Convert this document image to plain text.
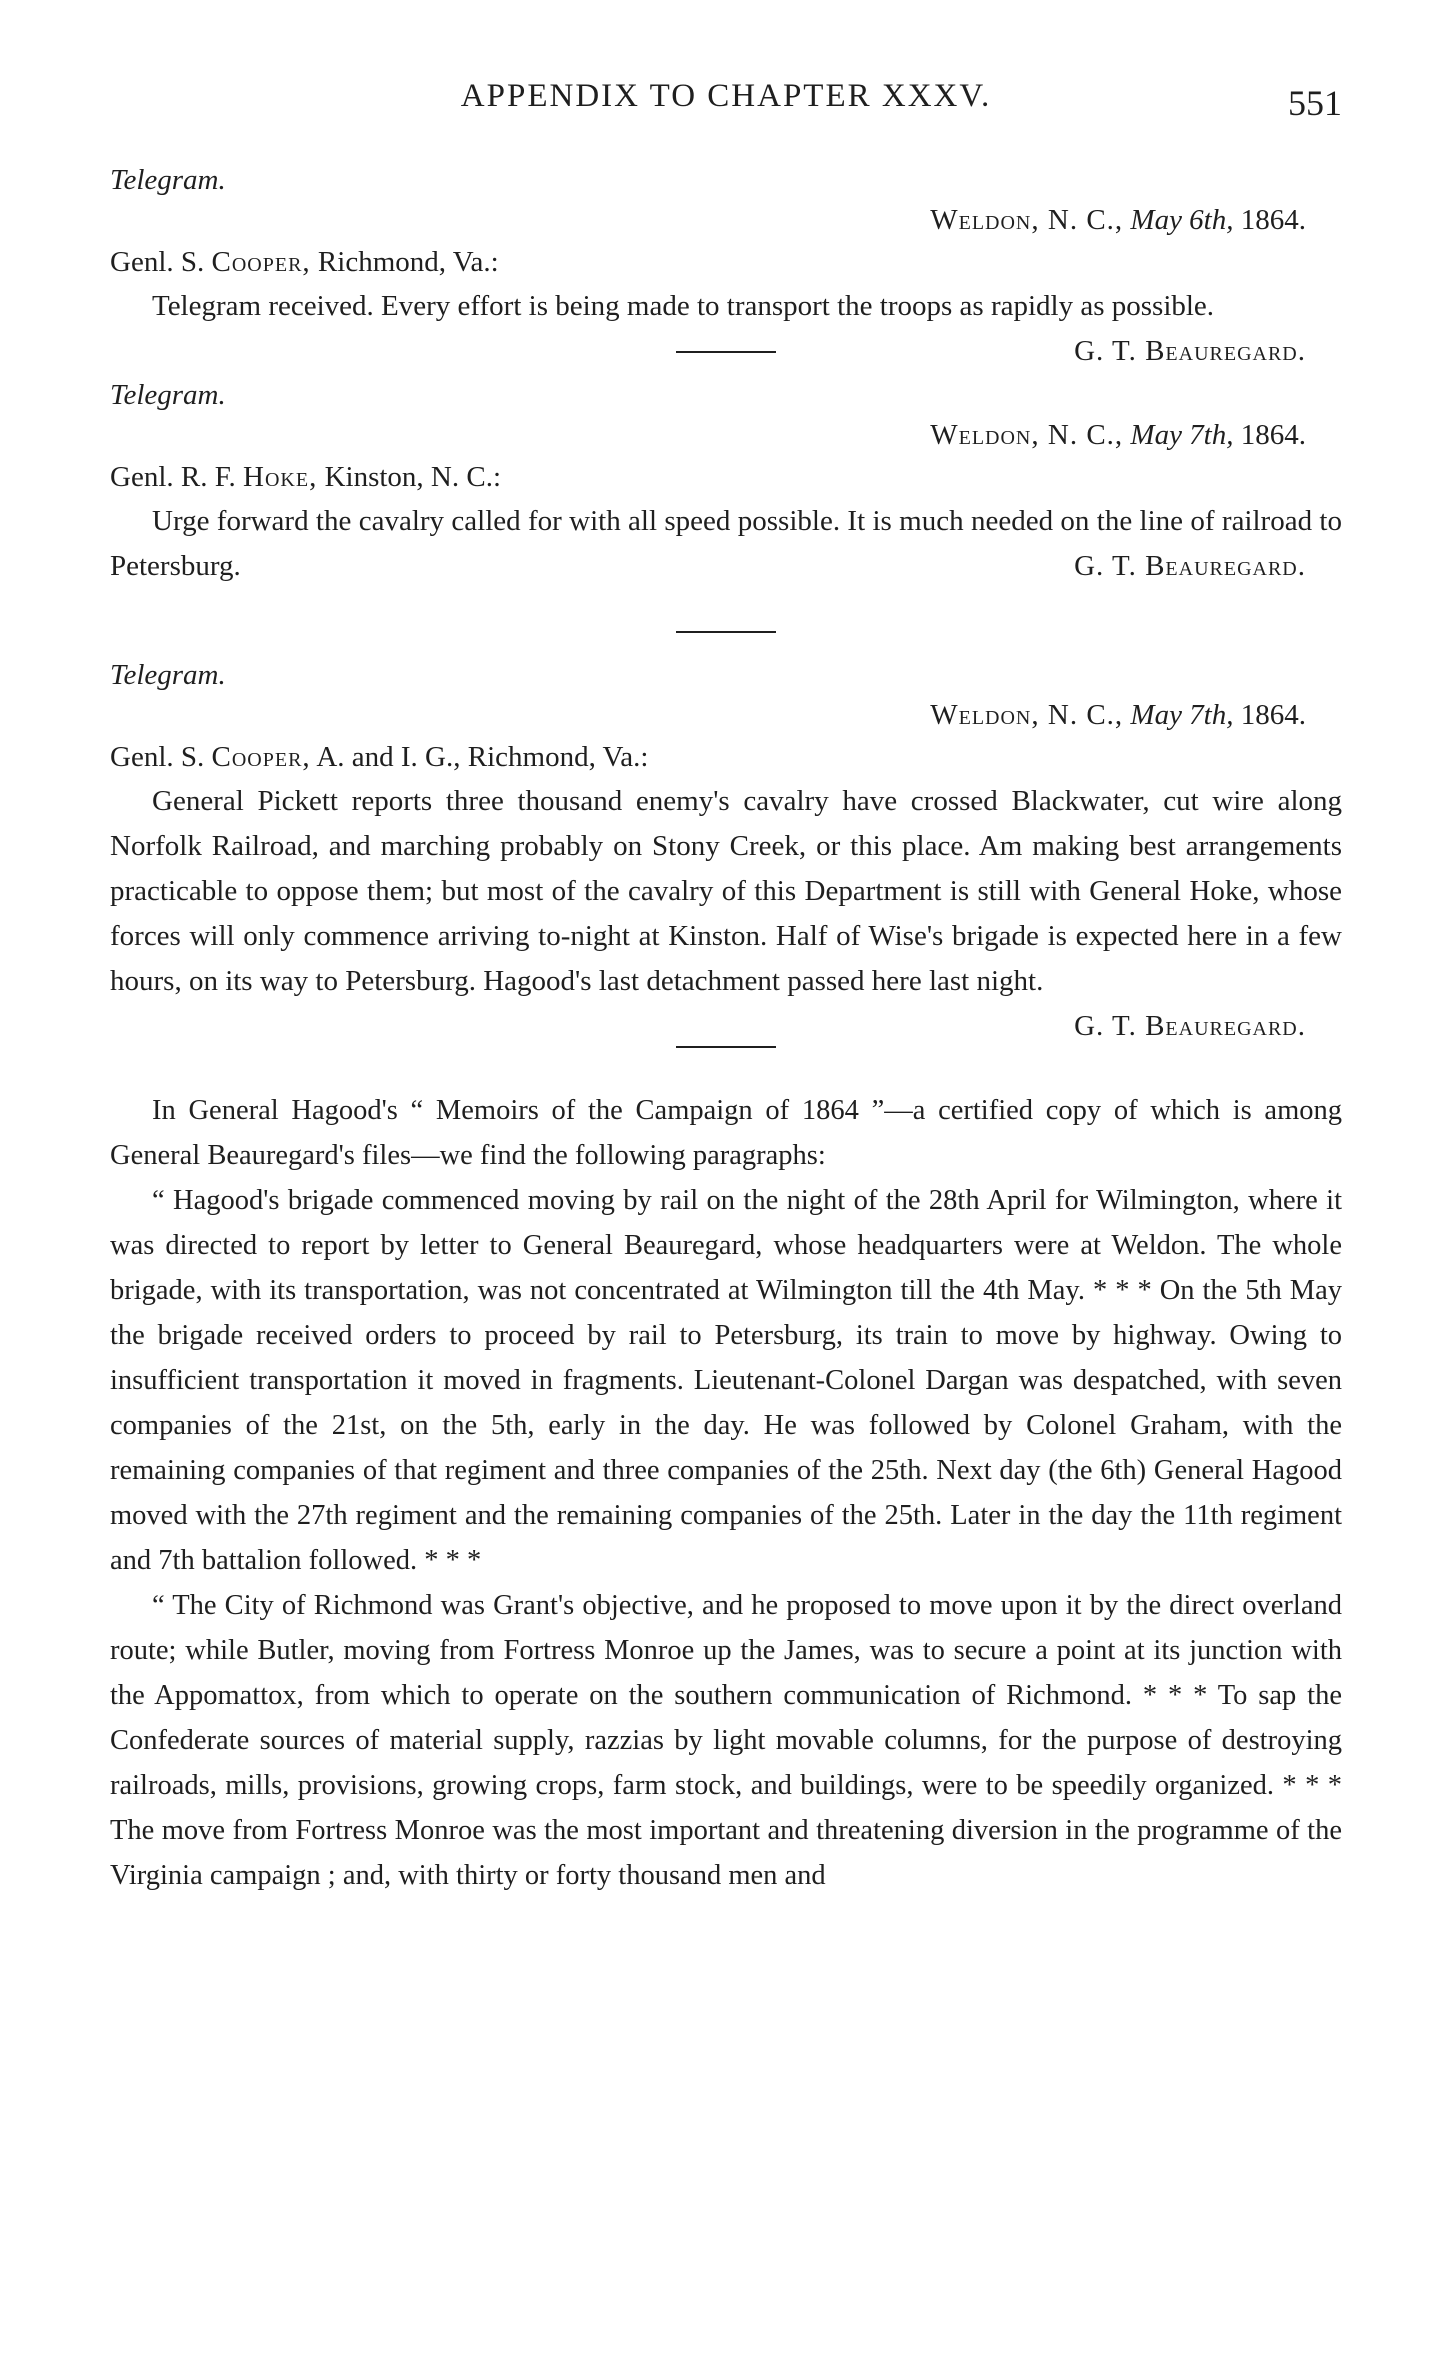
APPENDIX TO CHAPTER XXXV.	551
Telegram.
Weldon, N. C., May 6th, 1864.
Genl. S. Cooper, Richmond, Va.:
Telegram received. Every effort is being made to transport the troops as rapidly as possible.
G. T. Beauregard.
Telegram.
Weldon, N. C., May 7th, 1864.
Genl. R. F. Hoke, Kinston, N. C.:
Urge forward the cavalry called for with all speed possible. It is much needed on the line of railroad to Petersburg.	G. T. Beauregard.
Telegram.
Weldon, N. C., May 7th, 1864.
Genl. S. Cooper, A. and I. G., Richmond, Va.:
General Pickett reports three thousand enemy's cavalry have crossed Blackwater, cut wire along Norfolk Railroad, and marching probably on Stony Creek, or this place. Am making best arrangements practicable to oppose them; but most of the cavalry of this Department is still with General Hoke, whose forces will only commence arriving to-night at Kinston. Half of Wise's brigade is expected here in a few hours, on its way to Petersburg. Hagood's last detachment passed here last night.
G. T. Beauregard.

In General Hagood's “ Memoirs of the Campaign of 1864 ”—a certified copy of which is among General Beauregard's files—we find the following paragraphs:

“ Hagood's brigade commenced moving by rail on the night of the 28th April for Wilmington, where it was directed to report by letter to General Beauregard, whose headquarters were at Weldon. The whole brigade, with its transportation, was not concentrated at Wilmington till the 4th May. * * * On the 5th May the brigade received orders to proceed by rail to Petersburg, its train to move by highway. Owing to insufficient transportation it moved in fragments. Lieutenant-Colonel Dargan was despatched, with seven companies of the 21st, on the 5th, early in the day. He was followed by Colonel Graham, with the remaining companies of that regiment and three companies of the 25th. Next day (the 6th) General Hagood moved with the 27th regiment and the remaining companies of the 25th. Later in the day the 11th regiment and 7th battalion followed. * * *

“ The City of Richmond was Grant's objective, and he proposed to move upon it by the direct overland route; while Butler, moving from Fortress Monroe up the James, was to secure a point at its junction with the Appomattox, from which to operate on the southern communication of Richmond. * * * To sap the Confederate sources of material supply, razzias by light movable columns, for the purpose of destroying railroads, mills, provisions, growing crops, farm stock, and buildings, were to be speedily organized. * * * The move from Fortress Monroe was the most important and threatening diversion in the programme of the Virginia campaign ; and, with thirty or forty thousand men and
